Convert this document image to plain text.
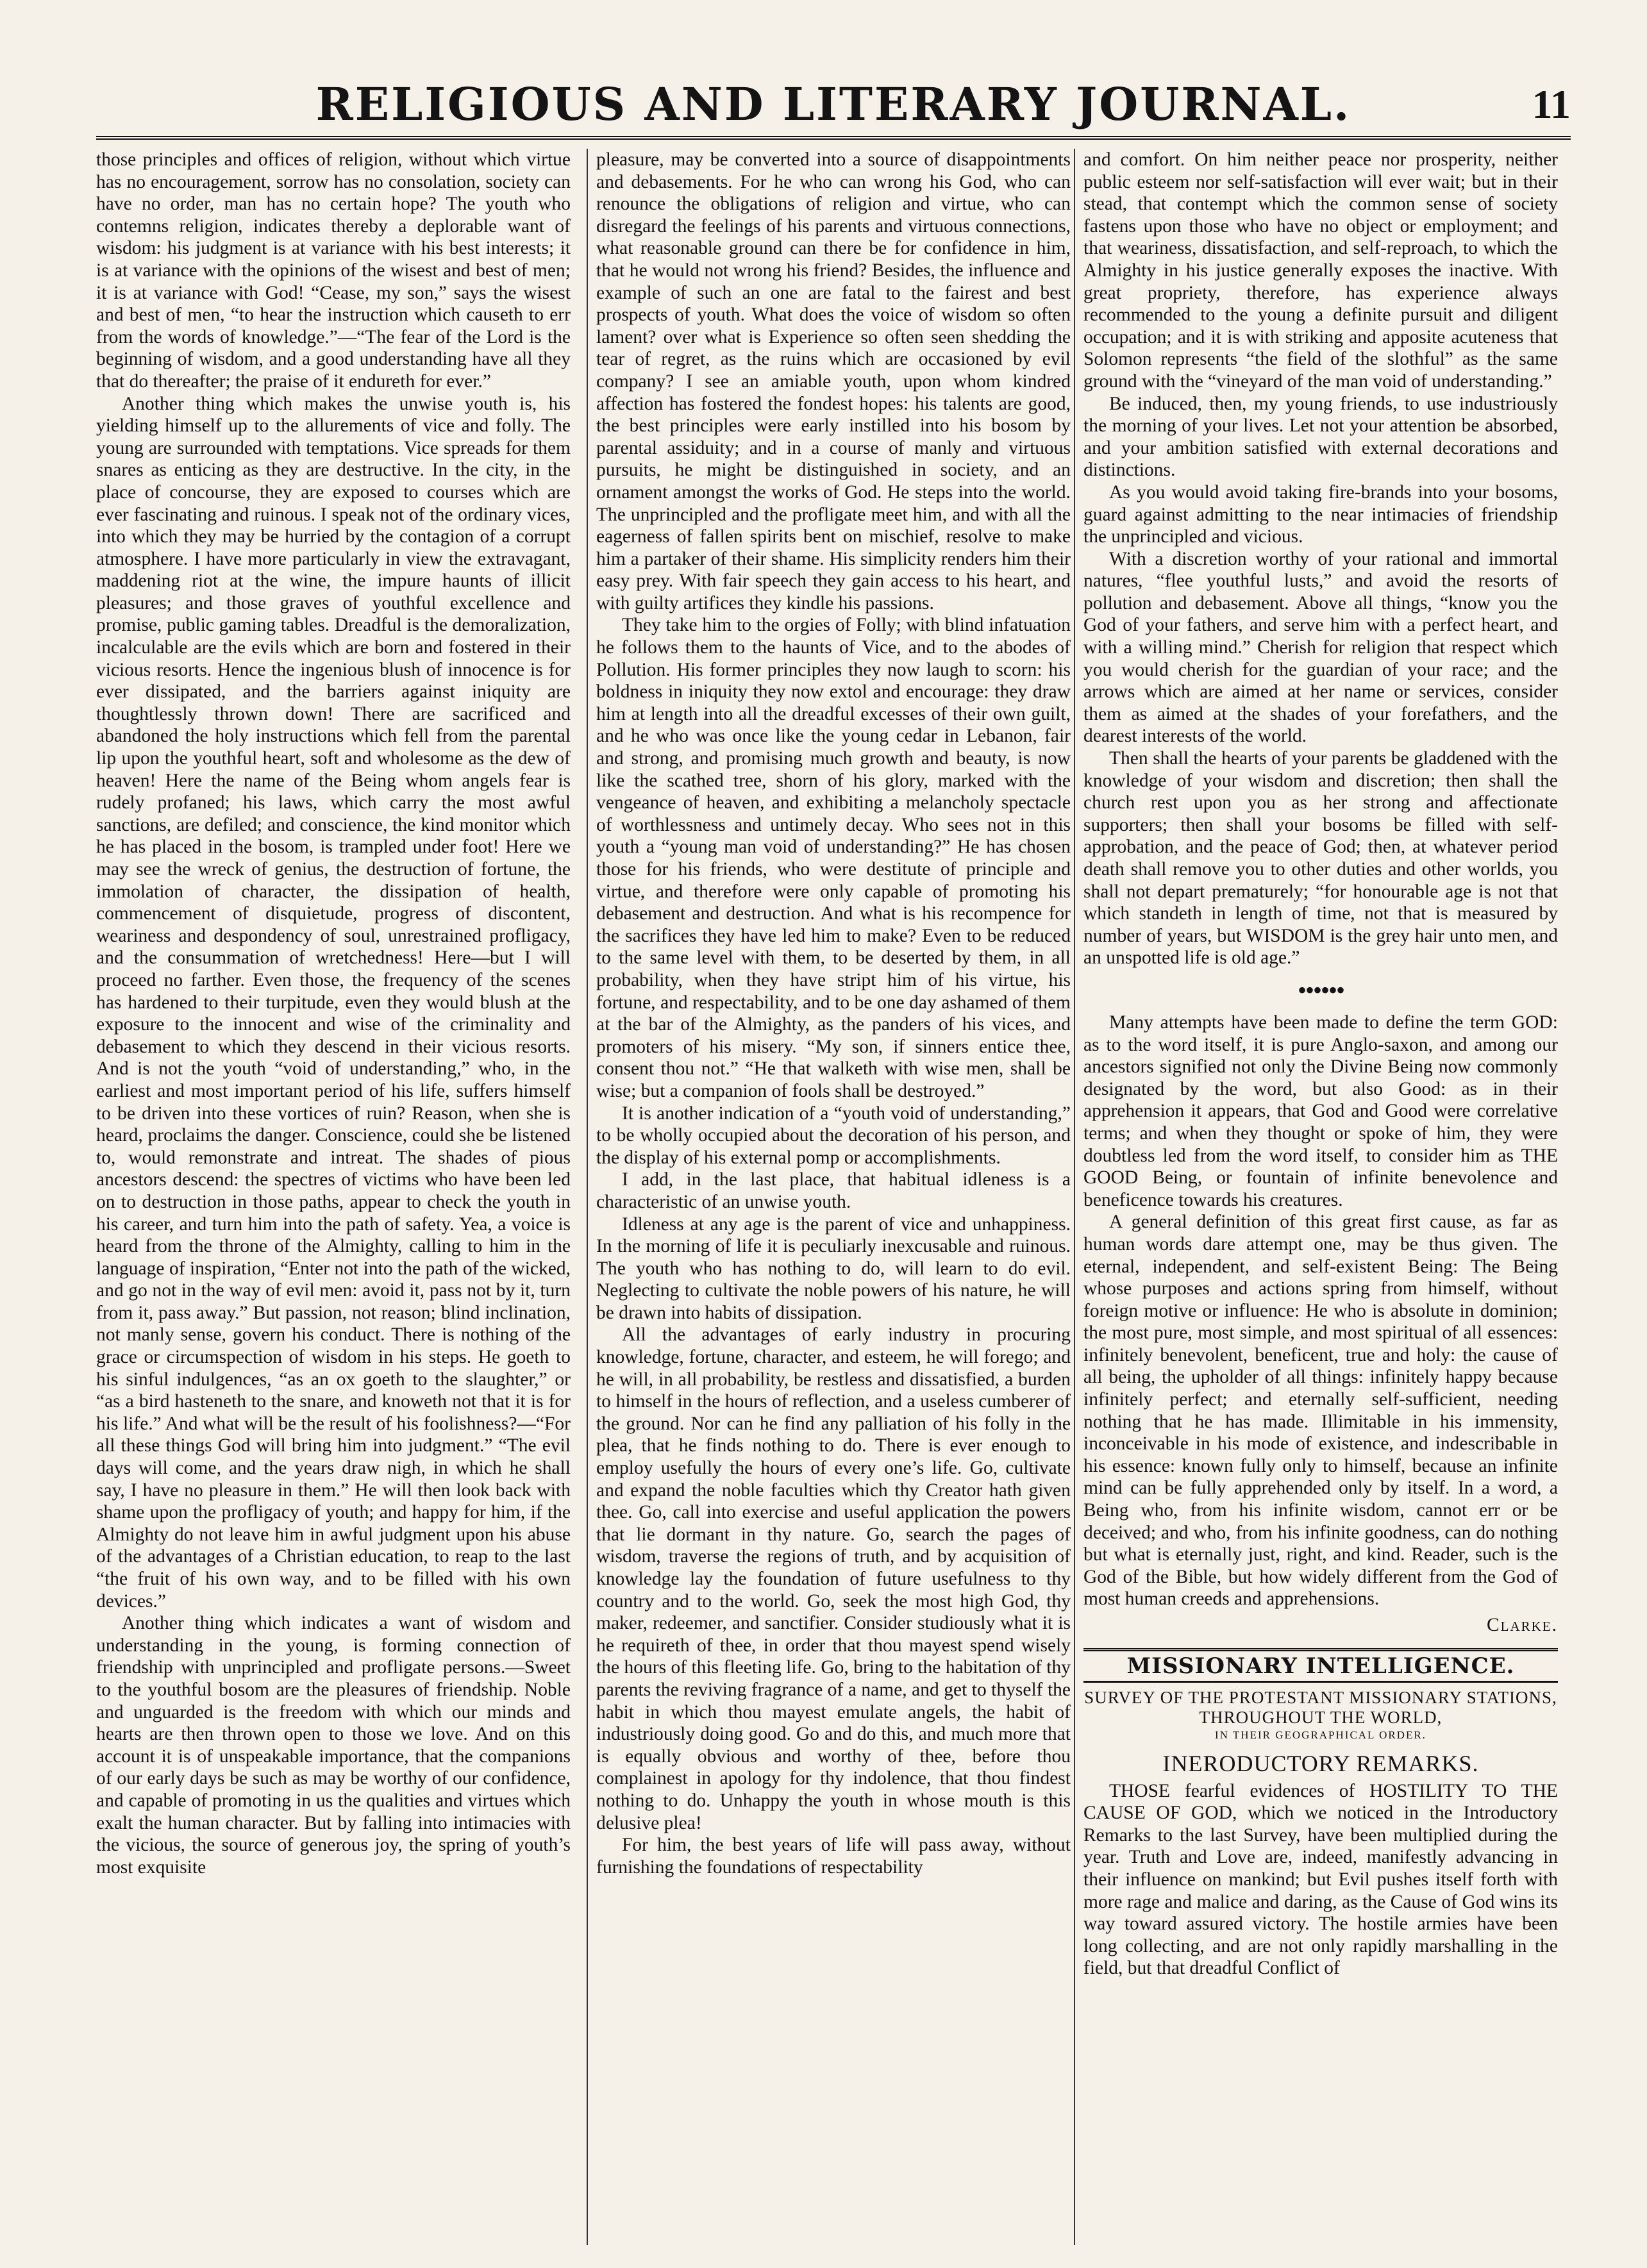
RELIGIOUS AND LITERARY JOURNAL.	11

those principles and offices of religion, without which virtue has no encouragement, sorrow has no consolation, society can have no order, man has no certain hope? The youth who contemns religion, indicates thereby a deplorable want of wisdom: his judgment is at variance with his best interests; it is at variance with the opinions of the wisest and best of men; it is at variance with God! “Cease, my son,” says the wisest and best of men, “to hear the instruction which causeth to err from the words of knowledge.”—“The fear of the Lord is the beginning of wisdom, and a good understanding have all they that do thereafter; the praise of it endureth for ever.”

Another thing which makes the unwise youth is, his yielding himself up to the allurements of vice and folly. The young are surrounded with temptations. Vice spreads for them snares as enticing as they are destructive. In the city, in the place of concourse, they are exposed to courses which are ever fascinating and ruinous. I speak not of the ordinary vices, into which they may be hurried by the contagion of a corrupt atmosphere. I have more particularly in view the extravagant, maddening riot at the wine, the impure haunts of illicit pleasures; and those graves of youthful excellence and promise, public gaming tables. Dreadful is the demoralization, incalculable are the evils which are born and fostered in their vicious resorts. Hence the ingenious blush of innocence is for ever dissipated, and the barriers against iniquity are thoughtlessly thrown down! There are sacrificed and abandoned the holy instructions which fell from the parental lip upon the youthful heart, soft and wholesome as the dew of heaven! Here the name of the Being whom angels fear is rudely profaned; his laws, which carry the most awful sanctions, are defiled; and conscience, the kind monitor which he has placed in the bosom, is trampled under foot! Here we may see the wreck of genius, the destruction of fortune, the immolation of character, the dissipation of health, commencement of disquietude, progress of discontent, weariness and despondency of soul, unrestrained profligacy, and the consummation of wretchedness! Here—but I will proceed no farther. Even those, the frequency of the scenes has hardened to their turpitude, even they would blush at the exposure to the innocent and wise of the criminality and debasement to which they descend in their vicious resorts. And is not the youth “void of understanding,” who, in the earliest and most important period of his life, suffers himself to be driven into these vortices of ruin? Reason, when she is heard, proclaims the danger. Conscience, could she be listened to, would remonstrate and intreat. The shades of pious ancestors descend: the spectres of victims who have been led on to destruction in those paths, appear to check the youth in his career, and turn him into the path of safety. Yea, a voice is heard from the throne of the Almighty, calling to him in the language of inspiration, “Enter not into the path of the wicked, and go not in the way of evil men: avoid it, pass not by it, turn from it, pass away.” But passion, not reason; blind inclination, not manly sense, govern his conduct. There is nothing of the grace or circumspection of wisdom in his steps. He goeth to his sinful indulgences, “as an ox goeth to the slaughter,” or “as a bird hasteneth to the snare, and knoweth not that it is for his life.” And what will be the result of his foolishness?—“For all these things God will bring him into judgment.” “The evil days will come, and the years draw nigh, in which he shall say, I have no pleasure in them.” He will then look back with shame upon the profligacy of youth; and happy for him, if the Almighty do not leave him in awful judgment upon his abuse of the advantages of a Christian education, to reap to the last “the fruit of his own way, and to be filled with his own devices.”

Another thing which indicates a want of wisdom and understanding in the young, is forming connection of friendship with unprincipled and profligate persons.—Sweet to the youthful bosom are the pleasures of friendship. Noble and unguarded is the freedom with which our minds and hearts are then thrown open to those we love. And on this account it is of unspeakable importance, that the companions of our early days be such as may be worthy of our confidence, and capable of promoting in us the qualities and virtues which exalt the human character. But by falling into intimacies with the vicious, the source of generous joy, the spring of youth’s most exquisite

pleasure, may be converted into a source of disappointments and debasements. For he who can wrong his God, who can renounce the obligations of religion and virtue, who can disregard the feelings of his parents and virtuous connections, what reasonable ground can there be for confidence in him, that he would not wrong his friend? Besides, the influence and example of such an one are fatal to the fairest and best prospects of youth. What does the voice of wisdom so often lament? over what is Experience so often seen shedding the tear of regret, as the ruins which are occasioned by evil company? I see an amiable youth, upon whom kindred affection has fostered the fondest hopes: his talents are good, the best principles were early instilled into his bosom by parental assiduity; and in a course of manly and virtuous pursuits, he might be distinguished in society, and an ornament amongst the works of God. He steps into the world. The unprincipled and the profligate meet him, and with all the eagerness of fallen spirits bent on mischief, resolve to make him a partaker of their shame. His simplicity renders him their easy prey. With fair speech they gain access to his heart, and with guilty artifices they kindle his passions.

They take him to the orgies of Folly; with blind infatuation he follows them to the haunts of Vice, and to the abodes of Pollution. His former principles they now laugh to scorn: his boldness in iniquity they now extol and encourage: they draw him at length into all the dreadful excesses of their own guilt, and he who was once like the young cedar in Lebanon, fair and strong, and promising much growth and beauty, is now like the scathed tree, shorn of his glory, marked with the vengeance of heaven, and exhibiting a melancholy spectacle of worthlessness and untimely decay. Who sees not in this youth a “young man void of understanding?” He has chosen those for his friends, who were destitute of principle and virtue, and therefore were only capable of promoting his debasement and destruction. And what is his recompence for the sacrifices they have led him to make? Even to be reduced to the same level with them, to be deserted by them, in all probability, when they have stript him of his virtue, his fortune, and respectability, and to be one day ashamed of them at the bar of the Almighty, as the panders of his vices, and promoters of his misery. “My son, if sinners entice thee, consent thou not.” “He that walketh with wise men, shall be wise; but a companion of fools shall be destroyed.”

It is another indication of a “youth void of understanding,” to be wholly occupied about the decoration of his person, and the display of his external pomp or accomplishments.

I add, in the last place, that habitual idleness is a characteristic of an unwise youth.

Idleness at any age is the parent of vice and unhappiness. In the morning of life it is peculiarly inexcusable and ruinous. The youth who has nothing to do, will learn to do evil. Neglecting to cultivate the noble powers of his nature, he will be drawn into habits of dissipation.

All the advantages of early industry in procuring knowledge, fortune, character, and esteem, he will forego; and he will, in all probability, be restless and dissatisfied, a burden to himself in the hours of reflection, and a useless cumberer of the ground. Nor can he find any palliation of his folly in the plea, that he finds nothing to do. There is ever enough to employ usefully the hours of every one’s life. Go, cultivate and expand the noble faculties which thy Creator hath given thee. Go, call into exercise and useful application the powers that lie dormant in thy nature. Go, search the pages of wisdom, traverse the regions of truth, and by acquisition of knowledge lay the foundation of future usefulness to thy country and to the world. Go, seek the most high God, thy maker, redeemer, and sanctifier. Consider studiously what it is he requireth of thee, in order that thou mayest spend wisely the hours of this fleeting life. Go, bring to the habitation of thy parents the reviving fragrance of a name, and get to thyself the habit in which thou mayest emulate angels, the habit of industriously doing good. Go and do this, and much more that is equally obvious and worthy of thee, before thou complainest in apology for thy indolence, that thou findest nothing to do. Unhappy the youth in whose mouth is this delusive plea!

For him, the best years of life will pass away, without furnishing the foundations of respectability

and comfort. On him neither peace nor prosperity, neither public esteem nor self-satisfaction will ever wait; but in their stead, that contempt which the common sense of society fastens upon those who have no object or employment; and that weariness, dissatisfaction, and self-reproach, to which the Almighty in his justice generally exposes the inactive. With great propriety, therefore, has experience always recommended to the young a definite pursuit and diligent occupation; and it is with striking and apposite acuteness that Solomon represents “the field of the slothful” as the same ground with the “vineyard of the man void of understanding.”

Be induced, then, my young friends, to use industriously the morning of your lives. Let not your attention be absorbed, and your ambition satisfied with external decorations and distinctions.

As you would avoid taking fire-brands into your bosoms, guard against admitting to the near intimacies of friendship the unprincipled and vicious.

With a discretion worthy of your rational and immortal natures, “flee youthful lusts,” and avoid the resorts of pollution and debasement. Above all things, “know you the God of your fathers, and serve him with a perfect heart, and with a willing mind.” Cherish for religion that respect which you would cherish for the guardian of your race; and the arrows which are aimed at her name or services, consider them as aimed at the shades of your forefathers, and the dearest interests of the world.

Then shall the hearts of your parents be gladdened with the knowledge of your wisdom and discretion; then shall the church rest upon you as her strong and affectionate supporters; then shall your bosoms be filled with self-approbation, and the peace of God; then, at whatever period death shall remove you to other duties and other worlds, you shall not depart prematurely; “for honourable age is not that which standeth in length of time, not that is measured by number of years, but WISDOM is the grey hair unto men, and an unspotted life is old age.”

••••••

Many attempts have been made to define the term GOD: as to the word itself, it is pure Anglo-saxon, and among our ancestors signified not only the Divine Being now commonly designated by the word, but also Good: as in their apprehension it appears, that God and Good were correlative terms; and when they thought or spoke of him, they were doubtless led from the word itself, to consider him as THE GOOD Being, or fountain of infinite benevolence and beneficence towards his creatures.

A general definition of this great first cause, as far as human words dare attempt one, may be thus given. The eternal, independent, and self-existent Being: The Being whose purposes and actions spring from himself, without foreign motive or influence: He who is absolute in dominion; the most pure, most simple, and most spiritual of all essences: infinitely benevolent, beneficent, true and holy: the cause of all being, the upholder of all things: infinitely happy because infinitely perfect; and eternally self-sufficient, needing nothing that he has made. Illimitable in his immensity, inconceivable in his mode of existence, and indescribable in his essence: known fully only to himself, because an infinite mind can be fully apprehended only by itself. In a word, a Being who, from his infinite wisdom, cannot err or be deceived; and who, from his infinite goodness, can do nothing but what is eternally just, right, and kind. Reader, such is the God of the Bible, but how widely different from the God of most human creeds and apprehensions.

Clarke.
MISSIONARY INTELLIGENCE.
SURVEY OF THE PROTESTANT MISSIONARY STATIONS, THROUGHOUT THE WORLD,
IN THEIR GEOGRAPHICAL ORDER.
INERODUCTORY REMARKS.

THOSE fearful evidences of HOSTILITY TO THE CAUSE OF GOD, which we noticed in the Introductory Remarks to the last Survey, have been multiplied during the year. Truth and Love are, indeed, manifestly advancing in their influence on mankind; but Evil pushes itself forth with more rage and malice and daring, as the Cause of God wins its way toward assured victory. The hostile armies have been long collecting, and are not only rapidly marshalling in the field, but that dreadful Conflict of
